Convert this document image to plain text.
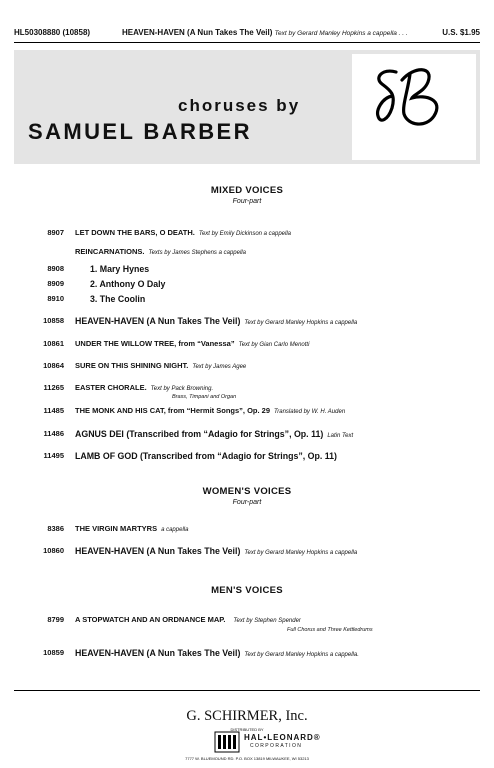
HL50308880 (10858)	HEAVEN-HAVEN (A Nun Takes The Veil) Text by Gerard Manley Hopkins a cappella . . .	U.S. $1.95
choruses by
SAMUEL BARBER
MIXED VOICES
Four-part
8907 LET DOWN THE BARS, O DEATH. Text by Emily Dickinson a cappella
REINCARNATIONS. Texts by James Stephens a cappella
8908	1. Mary Hynes
8909	2. Anthony O Daly
8910	3. The Coolin
10858 HEAVEN-HAVEN (A Nun Takes The Veil) Text by Gerard Manley Hopkins a cappella
10861 UNDER THE WILLOW TREE, from “Vanessa” Text by Gian Carlo Menotti
10864 SURE ON THIS SHINING NIGHT. Text by James Agee
11265 EASTER CHORALE. Text by Pack Browning.
Brass, Timpani and Organ
11485 THE MONK AND HIS CAT, from “Hermit Songs”, Op. 29 Translated by W. H. Auden
11486 AGNUS DEI (Transcribed from “Adagio for Strings”, Op. 11) Latin Text
11495 LAMB OF GOD (Transcribed from “Adagio for Strings”, Op. 11)
WOMEN'S VOICES
Four-part
8386 THE VIRGIN MARTYRS a cappella
10860 HEAVEN-HAVEN (A Nun Takes The Veil) Text by Gerard Manley Hopkins a cappella
MEN'S VOICES
8799 A STOPWATCH AND AN ORDNANCE MAP. Text by Stephen Spender
Full Chorus and Three Kettledrums
10859 HEAVEN-HAVEN (A Nun Takes The Veil) Text by Gerard Manley Hopkins a cappella.
G. SCHIRMER, Inc.
DISTRIBUTED BY
HAL•LEONARD®
CORPORATION
7777 W. BLUEMOUND RD. P.O. BOX 13819 MILWAUKEE, WI 53213
